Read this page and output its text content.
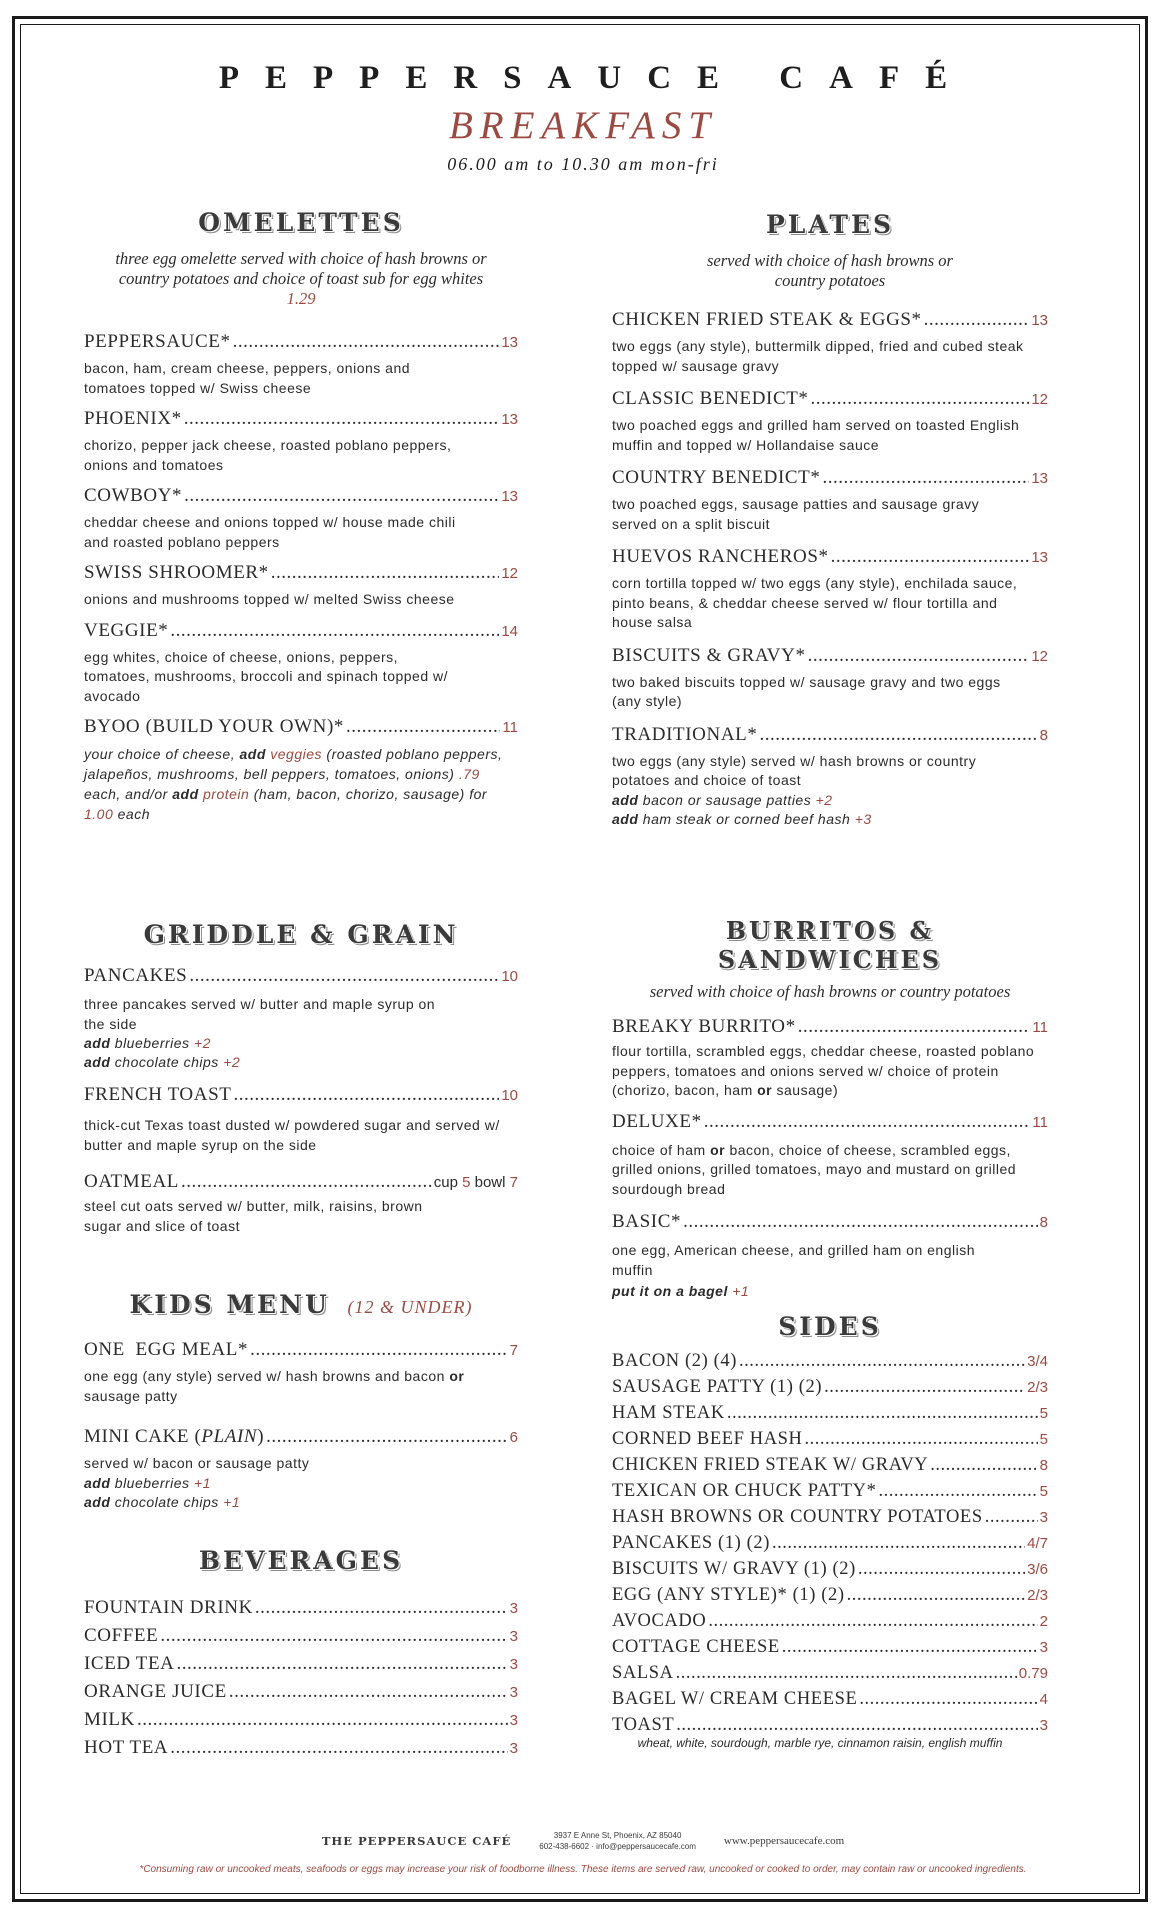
PEPPERSAUCE CAFÉ
BREAKFAST
06.00 am to 10.30 am mon-fri
OMELETTES
three egg omelette served with choice of hash browns or country potatoes and choice of toast sub for egg whites 1.29
PEPPERSAUCE* .....	13
bacon, ham, cream cheese, peppers, onions and tomatoes topped w/ Swiss cheese
PHOENIX* .....	13
chorizo, pepper jack cheese, roasted poblano peppers, onions and tomatoes
COWBOY* .....	13
cheddar cheese and onions topped w/ house made chili and roasted poblano peppers
SWISS SHROOMER* .....	12
onions and mushrooms topped w/ melted Swiss cheese
VEGGIE* .....	14
egg whites, choice of cheese, onions, peppers, tomatoes, mushrooms, broccoli and spinach topped w/ avocado
BYOO (BUILD YOUR OWN)* .....	11
your choice of cheese, add veggies (roasted poblano peppers, jalapeños, mushrooms, bell peppers, tomatoes, onions) .79 each, and/or add protein (ham, bacon, chorizo, sausage) for 1.00 each
GRIDDLE & GRAIN
PANCAKES .....	10
three pancakes served w/ butter and maple syrup on the side
add blueberries +2
add chocolate chips +2
FRENCH TOAST .....	10
thick-cut Texas toast dusted w/ powdered sugar and served w/ butter and maple syrup on the side
OATMEAL .....	cup 5 bowl 7
steel cut oats served w/ butter, milk, raisins, brown sugar and slice of toast
KIDS MENU (12 & UNDER)
ONE  EGG MEAL* .....	7
one egg (any style) served w/ hash browns and bacon or sausage patty
MINI CAKE (PLAIN) .....	6
served w/ bacon or sausage patty
add blueberries +1
add chocolate chips +1
BEVERAGES
FOUNTAIN DRINK .....	3
COFFEE .....	3
ICED TEA .....	3
ORANGE JUICE .....	3
MILK .....	3
HOT TEA .....	3
PLATES
served with choice of hash browns or country potatoes
CHICKEN FRIED STEAK & EGGS* .....	13
two eggs (any style), buttermilk dipped, fried and cubed steak topped w/ sausage gravy
CLASSIC BENEDICT* .....	12
two poached eggs and grilled ham served on toasted English muffin and topped w/ Hollandaise sauce
COUNTRY BENEDICT* .....	13
two poached eggs, sausage patties and sausage gravy served on a split biscuit
HUEVOS RANCHEROS* .....	13
corn tortilla topped w/ two eggs (any style), enchilada sauce, pinto beans, & cheddar cheese served w/ flour tortilla and house salsa
BISCUITS & GRAVY* .....	12
two baked biscuits topped w/ sausage gravy and two eggs (any style)
TRADITIONAL* .....	8
two eggs (any style) served w/ hash browns or country potatoes and choice of toast
add bacon or sausage patties +2
add ham steak or corned beef hash +3
BURRITOS & SANDWICHES
served with choice of hash browns or country potatoes
BREAKY BURRITO* .....	11
flour tortilla, scrambled eggs, cheddar cheese, roasted poblano peppers, tomatoes and onions served w/ choice of protein (chorizo, bacon, ham or sausage)
DELUXE* .....	11
choice of ham or bacon, choice of cheese, scrambled eggs, grilled onions, grilled tomatoes, mayo and mustard on grilled sourdough bread
BASIC* .....	8
one egg, American cheese, and grilled ham on english muffin
put it on a bagel +1
SIDES
BACON (2) (4) .....	3/4
SAUSAGE PATTY (1) (2) .....	2/3
HAM STEAK .....	5
CORNED BEEF HASH .....	5
CHICKEN FRIED STEAK W/ GRAVY .....	8
TEXICAN OR CHUCK PATTY* .....	5
HASH BROWNS OR COUNTRY POTATOES .....	3
PANCAKES (1) (2) .....	4/7
BISCUITS W/ GRAVY (1) (2) .....	3/6
EGG (ANY STYLE)* (1) (2) .....	2/3
AVOCADO .....	2
COTTAGE CHEESE .....	3
SALSA .....	0.79
BAGEL W/ CREAM CHEESE .....	4
TOAST .....	3
wheat, white, sourdough, marble rye, cinnamon raisin, english muffin
THE PEPPERSAUCE CAFÉ	3937 E Anne St, Phoenix, AZ 85040
602-438-6602 · info@peppersaucecafe.com	www.peppersaucecafe.com
*Consuming raw or uncooked meats, seafoods or eggs may increase your risk of foodborne illness. These items are served raw, uncooked or cooked to order, may contain raw or uncooked ingredients.
